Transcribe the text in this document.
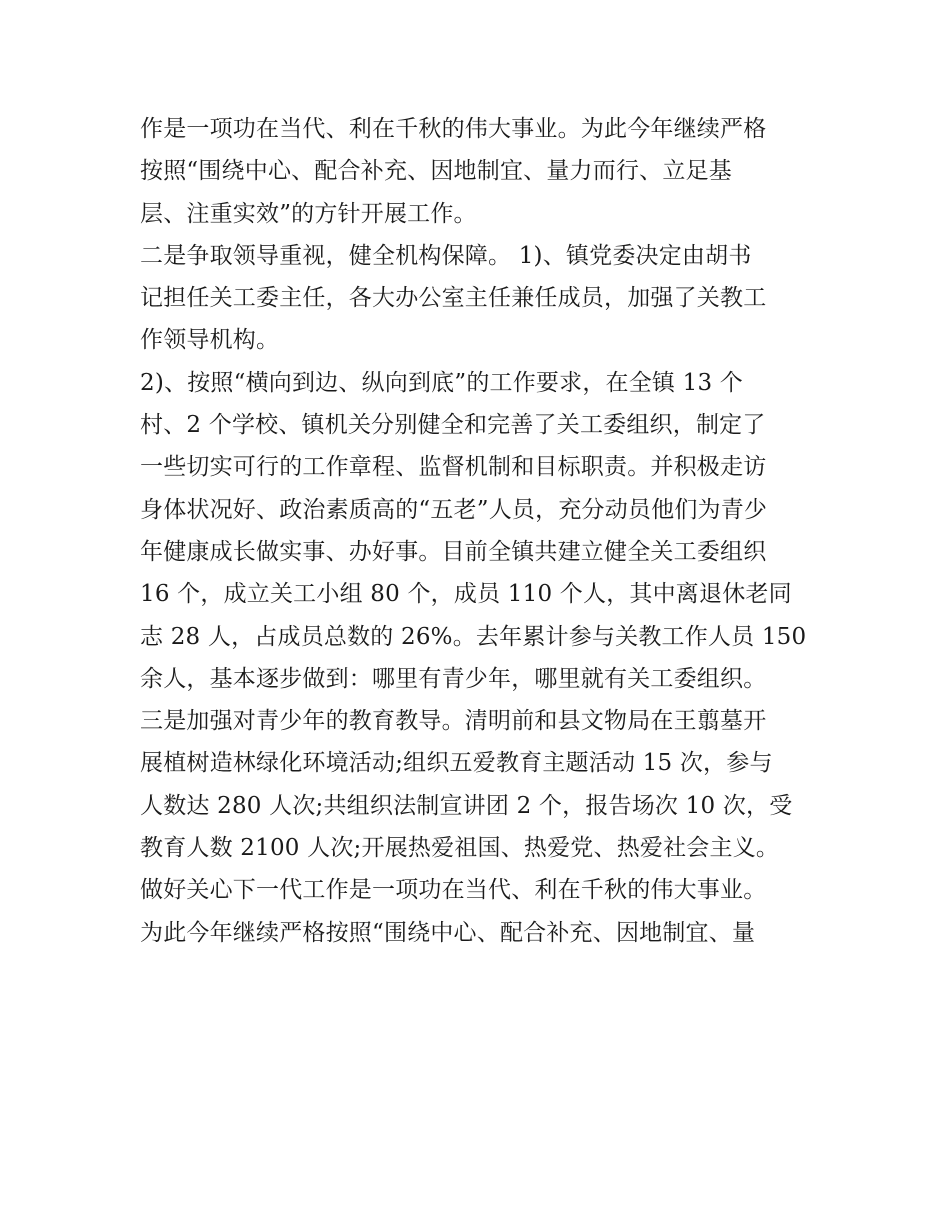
作是一项功在当代、利在千秋的伟大事业。为此今年继续严格
按照“围绕中心、配合补充、因地制宜、量力而行、立足基
层、注重实效”的方针开展工作。
二是争取领导重视，健全机构保障。 1)、镇党委决定由胡书
记担任关工委主任，各大办公室主任兼任成员，加强了关教工
作领导机构。
2)、按照“横向到边、纵向到底”的工作要求，在全镇 13 个
村、2 个学校、镇机关分别健全和完善了关工委组织，制定了
一些切实可行的工作章程、监督机制和目标职责。并积极走访
身体状况好、政治素质高的“五老”人员，充分动员他们为青少
年健康成长做实事、办好事。目前全镇共建立健全关工委组织
16 个，成立关工小组 80 个，成员 110 个人，其中离退休老同
志 28 人，占成员总数的 26%。去年累计参与关教工作人员 150
余人，基本逐步做到：哪里有青少年，哪里就有关工委组织。
三是加强对青少年的教育教导。清明前和县文物局在王翦墓开
展植树造林绿化环境活动;组织五爱教育主题活动 15 次，参与
人数达 280 人次;共组织法制宣讲团 2 个，报告场次 10 次，受
教育人数 2100 人次;开展热爱祖国、热爱党、热爱社会主义。
做好关心下一代工作是一项功在当代、利在千秋的伟大事业。
为此今年继续严格按照“围绕中心、配合补充、因地制宜、量
